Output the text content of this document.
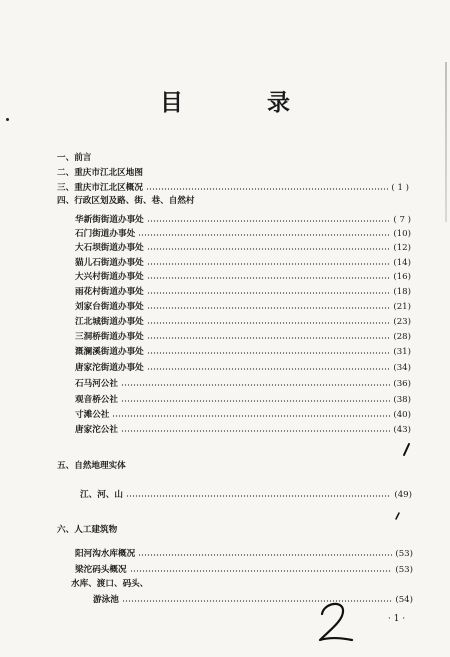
目 录
一、前言
二、重庆市江北区地图
三、重庆市江北区概况	( 1 )
四、行政区划及路、街、巷、自然村
华新街街道办事处	( 7 )
石门街道办事处	(10)
大石坝街道办事处	(12)
猫儿石街道办事处	(14)
大兴村街道办事处	(16)
雨花村街道办事处	(18)
刘家台街道办事处	(21)
江北城街道办事处	(23)
三洞桥街道办事处	(28)
溉澜溪街道办事处	(31)
唐家沱街道办事处	(34)
石马河公社	(36)
观音桥公社	(38)
寸滩公社	(40)
唐家沱公社	(43)
五、自然地理实体
江、河、山	(49)
六、人工建筑物
阳河沟水库概况	(53)
梁沱码头概况	(53)
水库、渡口、码头、
游泳池	(54)
· 1 ·
